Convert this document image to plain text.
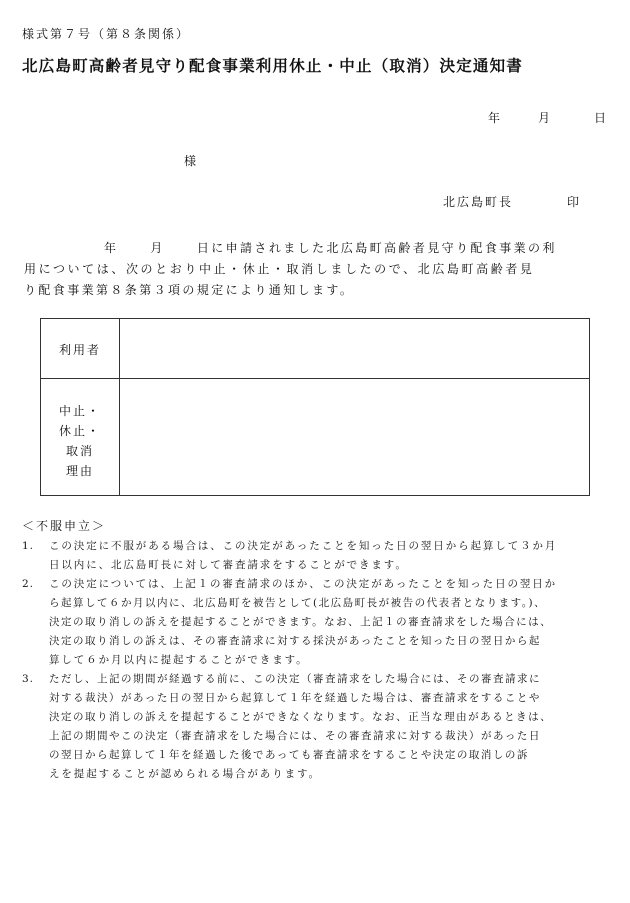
様式第７号（第８条関係）
北広島町高齢者見守り配食事業利用休止・中止（取消）決定通知書
年	月	日
様
北広島町長	印
年	月	日に申請されました北広島町高齢者見守り配食事業の利
用については、次のとおり中止・休止・取消しましたので、北広島町高齢者見
り配食事業第８条第３項の規定により通知します。
利用者
中止・
休止・
取消
理由
＜不服申立＞
1.	この決定に不服がある場合は、この決定があったことを知った日の翌日から起算して３か月
日以内に、北広島町長に対して審査請求をすることができます。
2.	この決定については、上記１の審査請求のほか、この決定があったことを知った日の翌日か
ら起算して６か月以内に、北広島町を被告として(北広島町長が被告の代表者となります。)、
決定の取り消しの訴えを提起することができます。なお、上記１の審査請求をした場合には、
決定の取り消しの訴えは、その審査請求に対する採決があったことを知った日の翌日から起
算して６か月以内に提起することができます。
3.	ただし、上記の期間が経過する前に、この決定（審査請求をした場合には、その審査請求に
対する裁決）があった日の翌日から起算して１年を経過した場合は、審査請求をすることや
決定の取り消しの訴えを提起することができなくなります。なお、正当な理由があるときは、
上記の期間やこの決定（審査請求をした場合には、その審査請求に対する裁決）があった日
の翌日から起算して１年を経過した後であっても審査請求をすることや決定の取消しの訴
えを提起することが認められる場合があります。
